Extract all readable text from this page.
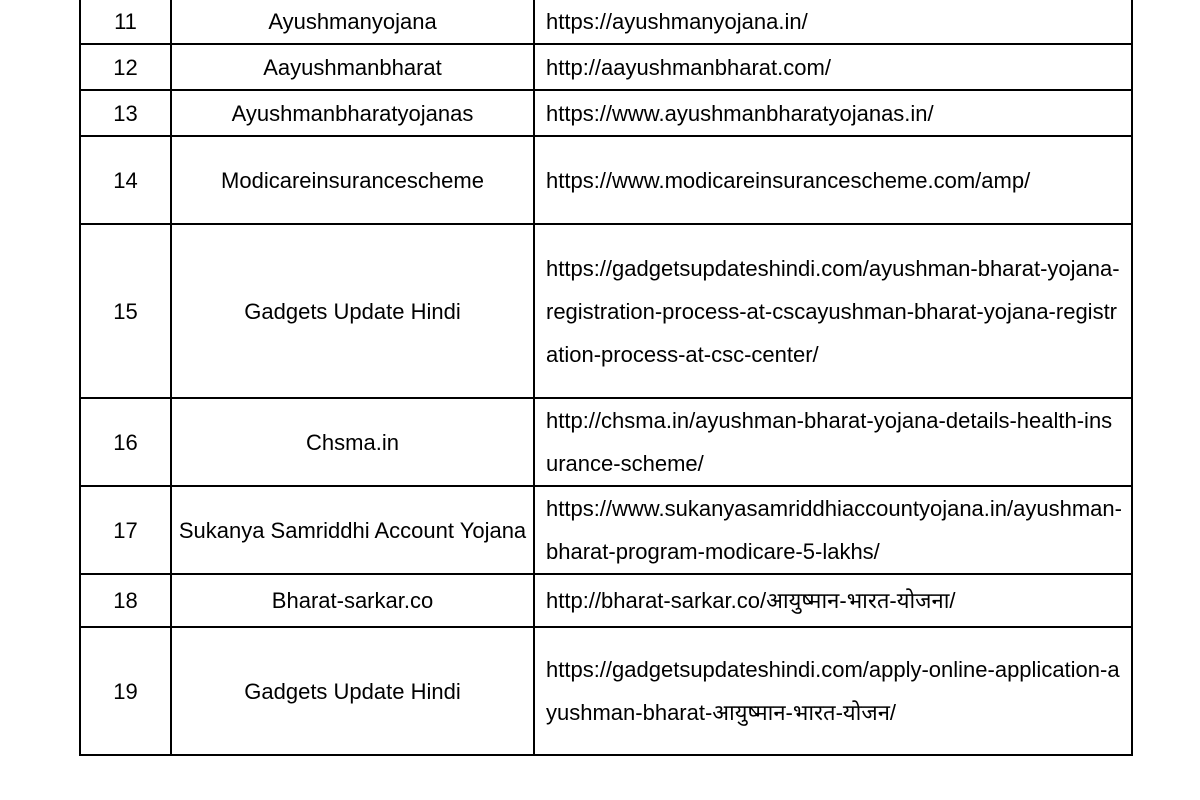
11	Ayushmanyojana	https://ayushmanyojana.in/
12	Aayushmanbharat	http://aayushmanbharat.com/
13	Ayushmanbharatyojanas	https://www.ayushmanbharatyojanas.in/
14	Modicareinsurancescheme	https://www.modicareinsurancescheme.com/amp/
15	Gadgets Update Hindi	https://gadgetsupdateshindi.com/ayushman-bharat-yojana-registration-process-at-cscayushman-bharat-yojana-registration-process-at-csc-center/
16	Chsma.in	http://chsma.in/ayushman-bharat-yojana-details-health-insurance-scheme/
17	Sukanya Samriddhi Account Yojana	https://www.sukanyasamriddhiaccountyojana.in/ayushman-bharat-program-modicare-5-lakhs/
18	Bharat-sarkar.co	http://bharat-sarkar.co/आयुष्मान-भारत-योजना/
19	Gadgets Update Hindi	https://gadgetsupdateshindi.com/apply-online-application-ayushman-bharat-आयुष्मान-भारत-योजन/
